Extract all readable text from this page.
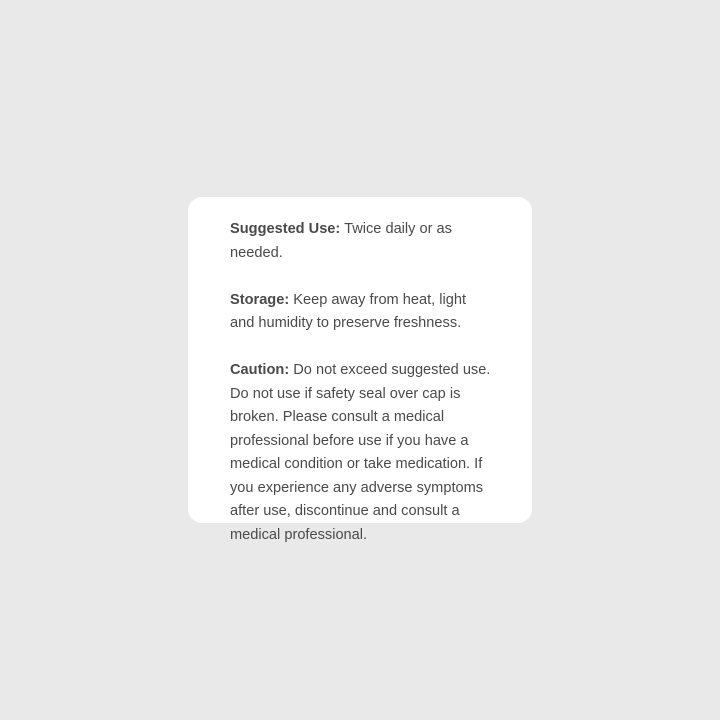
Suggested Use: Twice daily or as needed.

Storage: Keep away from heat, light and humidity to preserve freshness.

Caution: Do not exceed suggested use. Do not use if safety seal over cap is broken. Please consult a medical professional before use if you have a medical condition or take medication. If you experience any adverse symptoms after use, discontinue and consult a medical professional.
